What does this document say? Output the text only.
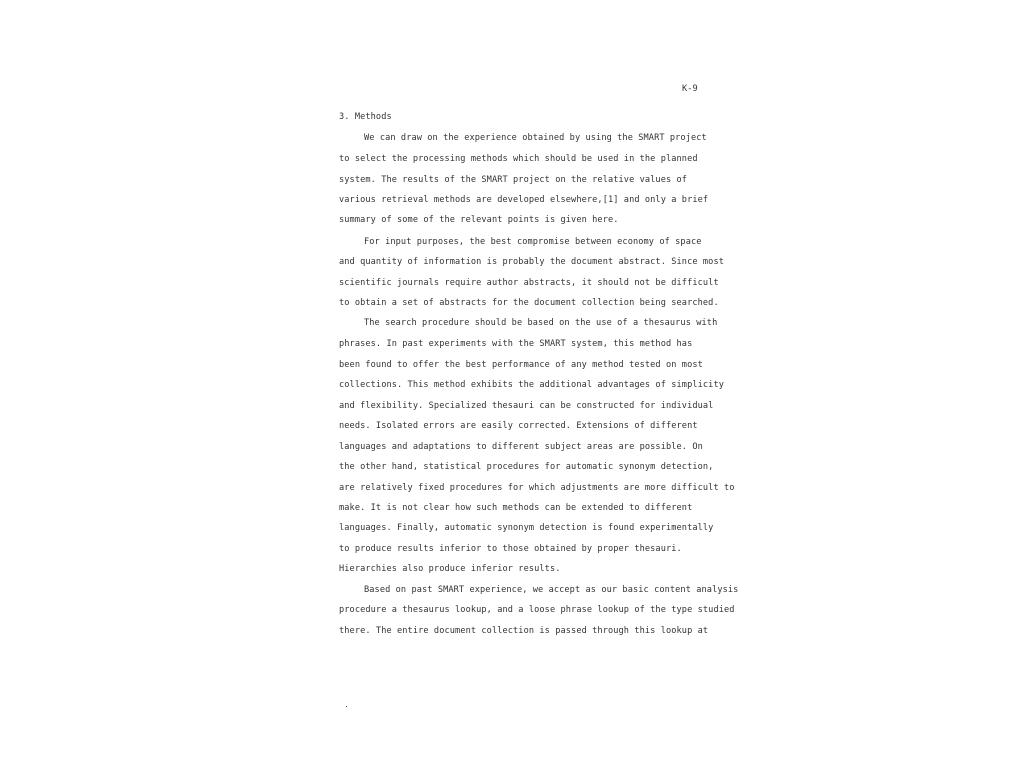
K-9
3. Methods
We can draw on the experience obtained by using the SMART project
to select the processing methods which should be used in the planned
system. The results of the SMART project on the relative values of
various retrieval methods are developed elsewhere,[1] and only a brief
summary of some of the relevant points is given here.
For input purposes, the best compromise between economy of space
and quantity of information is probably the document abstract. Since most
scientific journals require author abstracts, it should not be difficult
to obtain a set of abstracts for the document collection being searched.
The search procedure should be based on the use of a thesaurus with
phrases. In past experiments with the SMART system, this method has
been found to offer the best performance of any method tested on most
collections. This method exhibits the additional advantages of simplicity
and flexibility. Specialized thesauri can be constructed for individual
needs. Isolated errors are easily corrected. Extensions of different
languages and adaptations to different subject areas are possible. On
the other hand, statistical procedures for automatic synonym detection,
are relatively fixed procedures for which adjustments are more difficult to
make. It is not clear how such methods can be extended to different
languages. Finally, automatic synonym detection is found experimentally
to produce results inferior to those obtained by proper thesauri.
Hierarchies also produce inferior results.
Based on past SMART experience, we accept as our basic content analysis
procedure a thesaurus lookup, and a loose phrase lookup of the type studied
there. The entire document collection is passed through this lookup at
